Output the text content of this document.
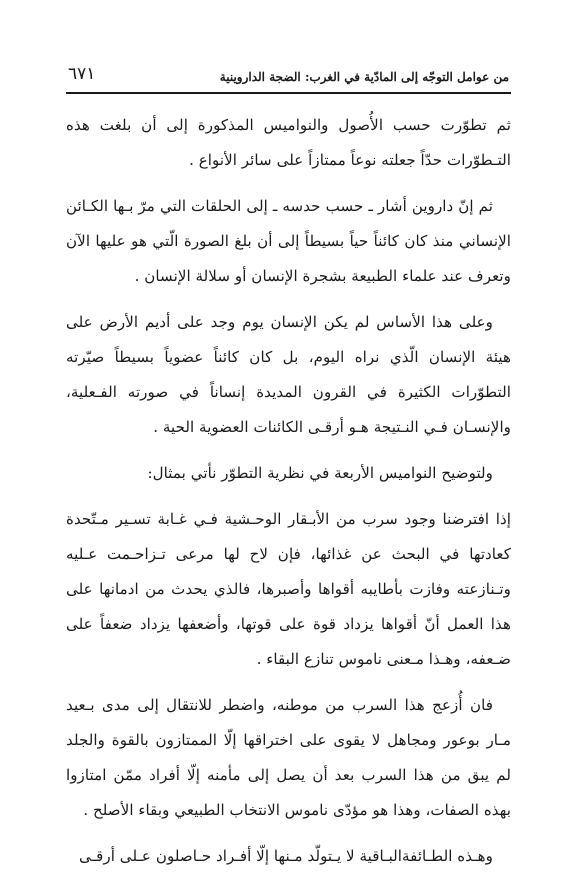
من عوامل التوجّه إلى المادّية في الغرب: الضجة الداروينية
٦٧١

ثم تطوّرت حسب الأُصول والنواميس المذكورة إلى أن بلغت هذه التـطوّرات حدّاً جعلته نوعاً ممتازاً على سائر الأنواع .

ثم إنّ داروين أشار ـ حسب حدسه ـ إلى الحلقات التي مرّ بـها الكـائن الإنساني منذ كان كائناً حياً بسيطاً إلى أن بلغ الصورة الّتي هو عليها الآن وتعرف عند علماء الطبيعة بشجرة الإنسان أو سلالة الإنسان .

وعلى هذا الأساس لم يكن الإنسان يوم وجد على أديم الأرض على هيئة الإنسان الّذي نراه اليوم، بل كان كائناً عضوياً بسيطاً صيّرته التطوّرات الكثيرة في القرون المديدة إنساناً في صورته الفـعلية، والإنسـان فـي النـتيجة هـو أرقـى الكائنات العضوية الحية .

ولتوضيح النواميس الأربعة في نظرية التطوّر نأتي بمثال:

إذا افترضنا وجود سرب من الأبـقار الوحـشية فـي غـابة تسـير مـتّحدة كعادتها في البحث عن غذائها، فإن لاح لها مرعى تـزاحـمت عـليه وتـنازعته وفازت بأطايبه أقواها وأصبرها، فالذي يحدث من ادمانها على هذا العمل أنّ أقواها يزداد قوة على قوتها، وأضعفها يزداد ضعفاً على ضـعفه، وهـذا مـعنى ناموس تنازع البقاء .

فان أُزعج هذا السرب من موطنه، واضطر للانتقال إلى مدى بـعيد مـار بوعور ومجاهل لا يقوى على اختراقها إلّا الممتازون بالقوة والجلد لم يبق من هذا السرب بعد أن يصل إلى مأمنه إلّا أفراد ممّن امتازوا بهذه الصفات، وهذا هو مؤدّى ناموس الانتخاب الطبيعي وبقاء الأصلح .

وهـذه الطـائفةالبـاقية لا يـتولّد مـنها إلّا أفـراد حـاصلون عـلى أرقـى
